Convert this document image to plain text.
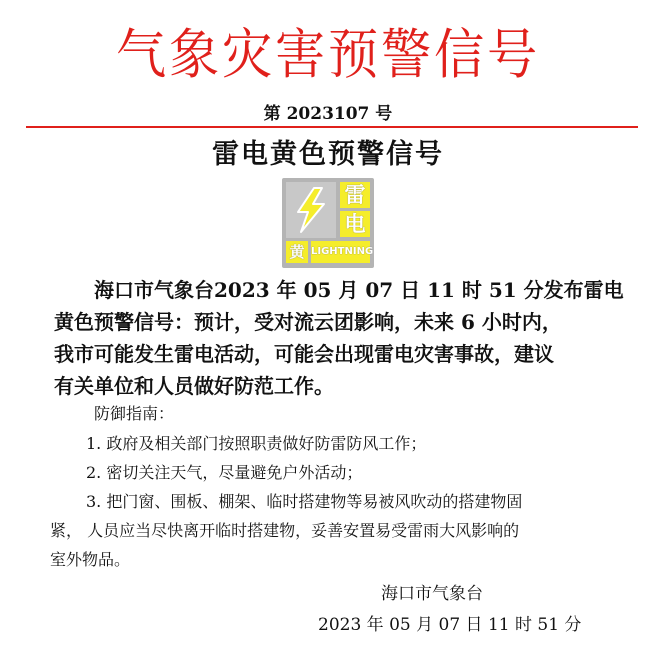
气象灾害预警信号
第 2023107 号
雷电黄色预警信号
雷
电
黄 LIGHTNING
海口市气象台2023 年 05 月 07 日 11 时 51 分发布雷电
黄色预警信号：预计，受对流云团影响，未来 6 小时内，
我市可能发生雷电活动，可能会出现雷电灾害事故，建议
有关单位和人员做好防范工作。
防御指南：
1. 政府及相关部门按照职责做好防雷防风工作；
2. 密切关注天气，尽量避免户外活动；
3. 把门窗、围板、棚架、临时搭建物等易被风吹动的搭建物固
紧， 人员应当尽快离开临时搭建物，妥善安置易受雷雨大风影响的
室外物品。
海口市气象台
2023 年 05 月 07 日 11 时 51 分
